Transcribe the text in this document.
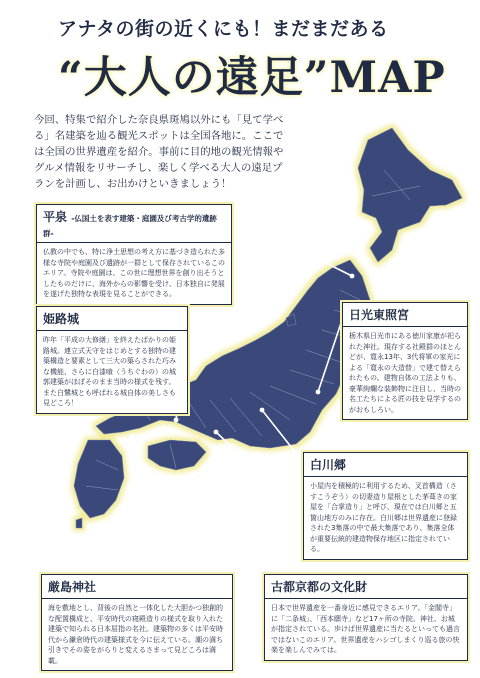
アナタの街の近くにも！まだまだある
“大人の遠足”MAP
今回、特集で紹介した奈良県斑鳩以外にも「見て学べる」名建築を辿る観光スポットは全国各地に。ここでは全国の世界遺産を紹介。事前に目的地の観光情報やグルメ情報をリサーチし、楽しく学べる大人の遠足プランを計画し、お出かけといきましょう！
平泉 -仏国土を表す建築・庭園及び考古学的遺跡群-
仏教の中でも、特に浄土思想の考え方に基づき造られた多様な寺院や庭園及び遺跡が一群として保存されているこのエリア。寺院や庭園は、この世に理想世界を創り出そうとしたものだけに、海外からの影響を受け、日本独自に発展を遂げた独特な表現を見ることができる。
姫路城
昨年「平成の大修繕」を終えたばかりの姫路城。連立式天守をはじめとする独特の建築構造と要素として三大の築らされた巧みな機能、さらに白漆喰（うちぐわの）の城郭建築がほぼそのまま当時の様式を残す。また白鷺城とも呼ばれる城自体の美しさも見どころ！
日光東照宮
栃木県日光市にある徳川家康が祀られた神社。現存する社殿群のほとんどが、寛永13年、3代将軍の家光による「寛永の大造替」で建て替えられたもの。建物自体の工法よりも、豪華絢爛な装飾物に注目し、当時の名工たちによる匠の技を見学するのがおもしろい。
白川郷
小屋内を積極的に利用するため、叉首構造（さすこうぞう）の切妻造り屋根とした茅葺きの家屋を「合掌造り」と呼び、現在では白川郷と五箇山地方のみに存在。白川郷は世界遺産に登録された3集落の中で最大集落であり、集落全体が重要伝統的建造物保存地区に指定されている。
厳島神社
海を敷地とし、背後の自然と一体化した大胆かつ独創的な配置構成と、平安時代の寝殿造りの様式を取り入れた建築で知られる日本屈指の名社。建築物の多くは平安時代から鎌倉時代の建築様式を今に伝えている。潮の満ち引きでその姿をがらりと変えるさまって見どころは満載。
古都京都の文化財
日本で世界遺産を一番身近に感見できるエリア。「金閣寺」に「二条城」、「西本願寺」など17ヶ所の寺院、神社、お城が指定されている。歩けば世界遺産に当たるといっても過言ではないこのエリア。世界遺産をハシゴしまくり巡る旅の快楽を楽しんでみては。
